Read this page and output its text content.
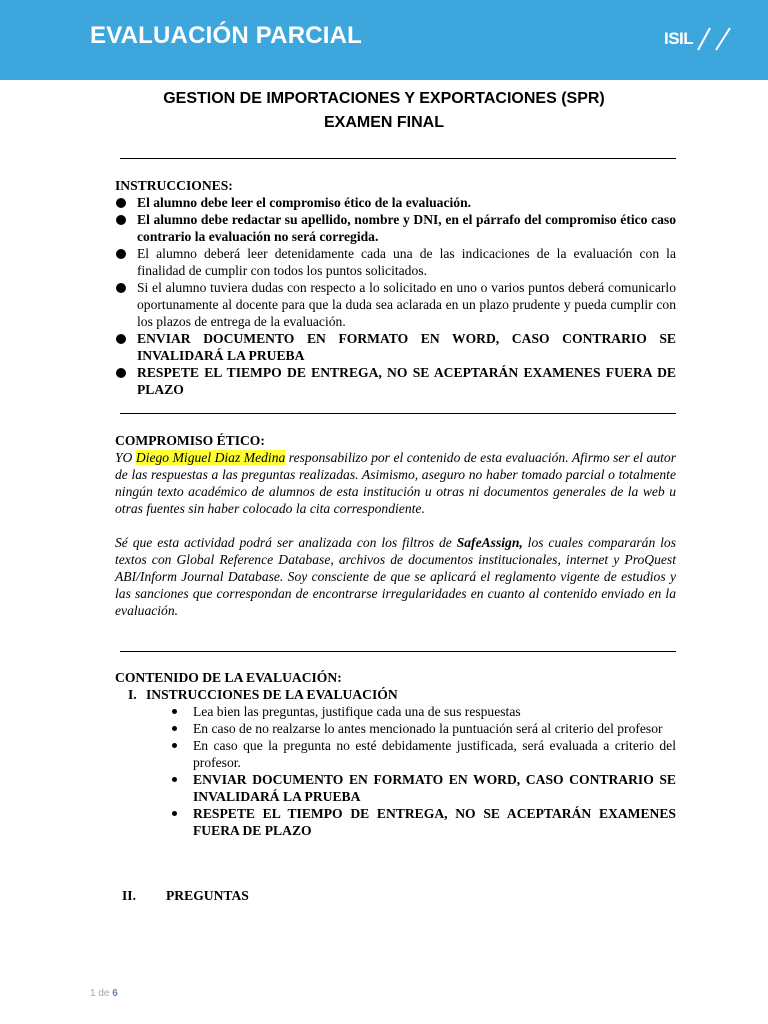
EVALUACIÓN PARCIAL	ISIL
GESTION DE IMPORTACIONES Y EXPORTACIONES (SPR)
EXAMEN FINAL
INSTRUCCIONES:
El alumno debe leer el compromiso ético de la evaluación.
El alumno debe redactar su apellido, nombre y DNI, en el párrafo del compromiso ético caso contrario la evaluación no será corregida.
El alumno deberá leer detenidamente cada una de las indicaciones de la evaluación con la finalidad de cumplir con todos los puntos solicitados.
Si el alumno tuviera dudas con respecto a lo solicitado en uno o varios puntos deberá comunicarlo oportunamente al docente para que la duda sea aclarada en un plazo prudente y pueda cumplir con los plazos de entrega de la evaluación.
ENVIAR DOCUMENTO EN FORMATO EN WORD, CASO CONTRARIO SE INVALIDARÁ LA PRUEBA
RESPETE EL TIEMPO DE ENTREGA, NO SE ACEPTARÁN EXAMENES FUERA DE PLAZO
COMPROMISO ÉTICO:
YO Diego Miguel Diaz Medina responsabilizo por el contenido de esta evaluación. Afirmo ser el autor de las respuestas a las preguntas realizadas. Asimismo, aseguro no haber tomado parcial o totalmente ningún texto académico de alumnos de esta institución u otras ni documentos generales de la web u otras fuentes sin haber colocado la cita correspondiente.
Sé que esta actividad podrá ser analizada con los filtros de SafeAssign, los cuales compararán los textos con Global Reference Database, archivos de documentos institucionales, internet y ProQuest ABI/Inform Journal Database. Soy consciente de que se aplicará el reglamento vigente de estudios y las sanciones que correspondan de encontrarse irregularidades en cuanto al contenido enviado en la evaluación.
CONTENIDO DE LA EVALUACIÓN:
I. INSTRUCCIONES DE LA EVALUACIÓN
Lea bien las preguntas, justifique cada una de sus respuestas
En caso de no realzarse lo antes mencionado la puntuación será al criterio del profesor
En caso que la pregunta no esté debidamente justificada, será evaluada a criterio del profesor.
ENVIAR DOCUMENTO EN FORMATO EN WORD, CASO CONTRARIO SE INVALIDARÁ LA PRUEBA
RESPETE EL TIEMPO DE ENTREGA, NO SE ACEPTARÁN EXAMENES FUERA DE PLAZO
II. PREGUNTAS
1 de 6
